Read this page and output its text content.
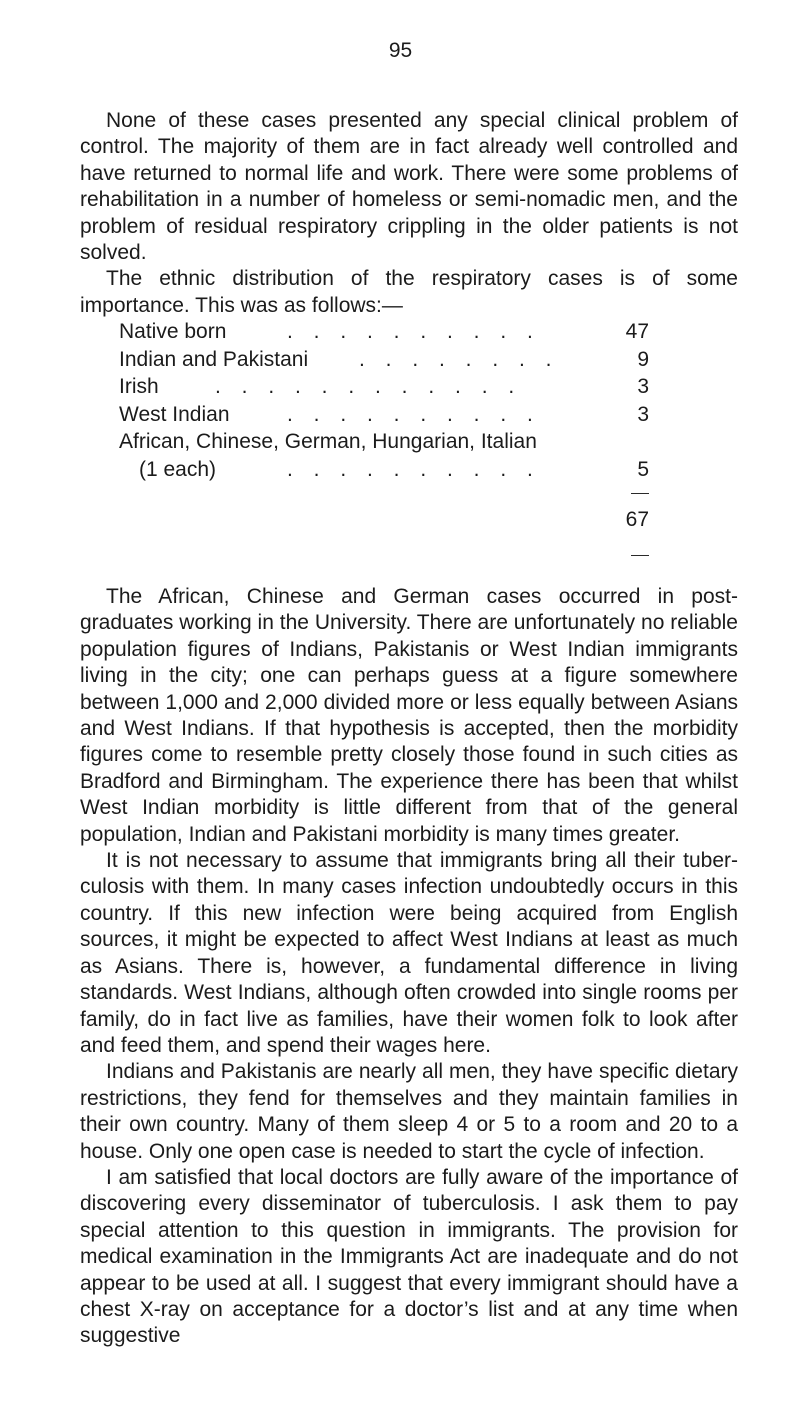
95

None of these cases presented any special clinical problem of control. The majority of them are in fact already well controlled and have returned to normal life and work. There were some problems of rehabilitation in a number of homeless or semi-nomadic men, and the problem of residual respiratory crippling in the older patients is not solved.

The ethnic distribution of the respiratory cases is of some importance. This was as follows:—

Native born	. . . . . . . . . .	47
Indian and Pakistani . . . . . . . .	9
Irish	. . . . . . . . . . . .	3
West Indian	. . . . . . . . . .	3
African, Chinese, German, Hungarian, Italian
(1 each)	. . . . . . . . . .	5
67

The African, Chinese and German cases occurred in post-graduates working in the University. There are unfortunately no reliable population figures of Indians, Pakistanis or West Indian immigrants living in the city; one can perhaps guess at a figure somewhere between 1,000 and 2,000 divided more or less equally between Asians and West Indians. If that hypothesis is accepted, then the morbidity figures come to resemble pretty closely those found in such cities as Bradford and Birmingham. The experience there has been that whilst West Indian morbidity is little different from that of the general population, Indian and Pakistani morbidity is many times greater.

It is not necessary to assume that immigrants bring all their tuber-culosis with them. In many cases infection undoubtedly occurs in this country. If this new infection were being acquired from English sources, it might be expected to affect West Indians at least as much as Asians. There is, however, a fundamental difference in living standards. West Indians, although often crowded into single rooms per family, do in fact live as families, have their women folk to look after and feed them, and spend their wages here.

Indians and Pakistanis are nearly all men, they have specific dietary restrictions, they fend for themselves and they maintain families in their own country. Many of them sleep 4 or 5 to a room and 20 to a house. Only one open case is needed to start the cycle of infection.

I am satisfied that local doctors are fully aware of the importance of discovering every disseminator of tuberculosis. I ask them to pay special attention to this question in immigrants. The provision for medical examination in the Immigrants Act are inadequate and do not appear to be used at all. I suggest that every immigrant should have a chest X-ray on acceptance for a doctor’s list and at any time when suggestive
